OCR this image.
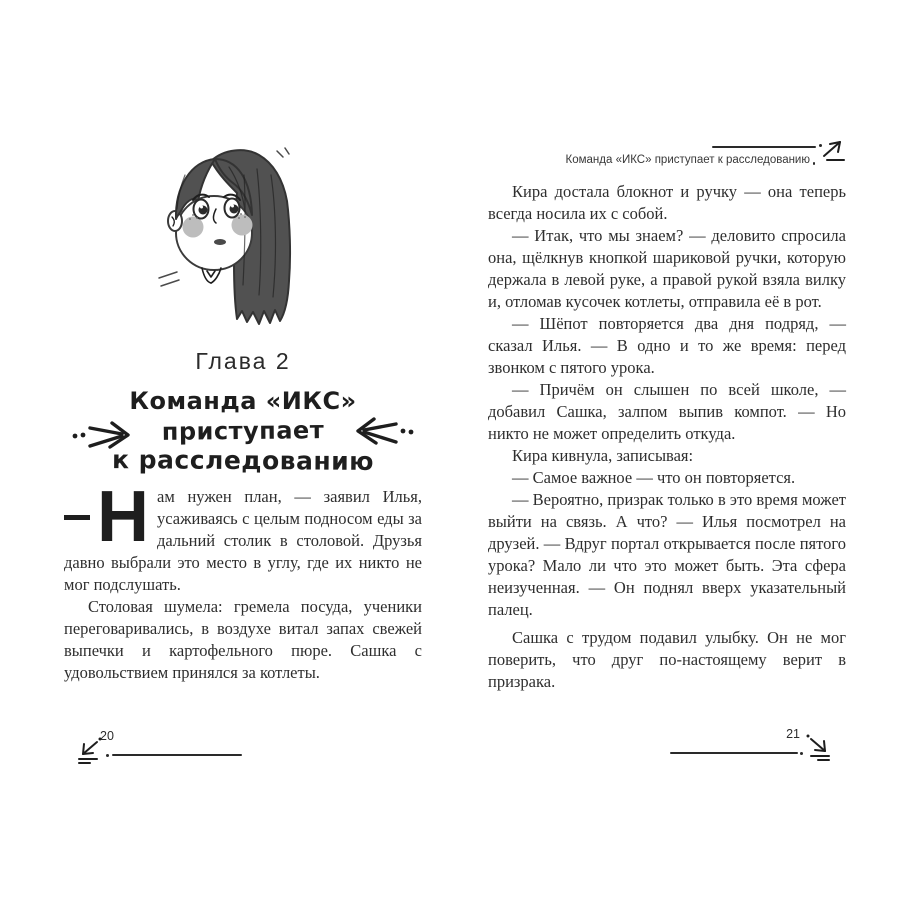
Глава 2
Команда «ИКС»
приступает
к расследованию

Н ам нужен план, — заявил Илья, усаживаясь с целым подносом еды за дальний столик в столовой. Друзья давно выбрали это место в углу, где их никто не мог подслушать.

Столовая шумела: гремела посуда, ученики переговаривались, в воздухе витал запах свежей выпечки и картофельного пюре. Сашка с удовольствием принялся за котлеты.

20
Команда «ИКС» приступает к расследованию

Кира достала блокнот и ручку — она теперь всегда носила их с собой.

— Итак, что мы знаем? — деловито спросила она, щёлкнув кнопкой шариковой ручки, которую держала в левой руке, а правой рукой взяла вилку и, отломав кусочек котлеты, отправила её в рот.

— Шёпот повторяется два дня подряд, — сказал Илья. — В одно и то же время: перед звонком с пятого урока.

— Причём он слышен по всей школе, — добавил Сашка, залпом выпив компот. — Но никто не может определить откуда.

Кира кивнула, записывая:

— Самое важное — что он повторяется.

— Вероятно, призрак только в это время может выйти на связь. А что? — Илья посмотрел на друзей. — Вдруг портал открывается после пятого урока? Мало ли что это может быть. Эта сфера неизученная. — Он поднял вверх указательный палец.

Сашка с трудом подавил улыбку. Он не мог поверить, что друг по-настоящему верит в призрака.

21
